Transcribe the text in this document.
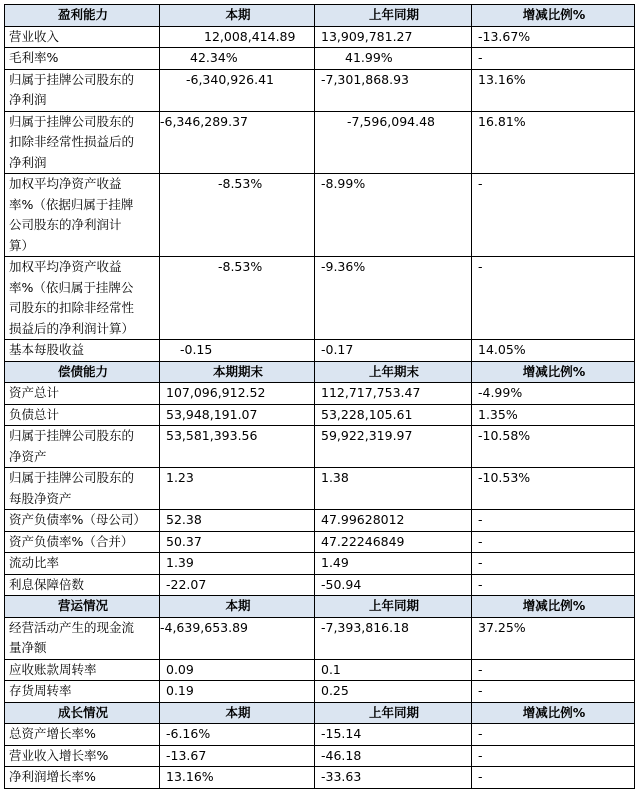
盈利能力	本期	上年同期	增减比例%

营业收入	12,008,414.89	13,909,781.27	-13.67%

毛利率%	42.34%	41.99%	-

归属于挂牌公司股东的
净利润	-6,340,926.41	-7,301,868.93	13.16%

归属于挂牌公司股东的
扣除非经常性损益后的
净利润	-6,346,289.37	-7,596,094.48	16.81%

加权平均净资产收益
率%（依据归属于挂牌
公司股东的净利润计
算）	-8.53%	-8.99%	-

加权平均净资产收益
率%（依归属于挂牌公
司股东的扣除非经常性
损益后的净利润计算）	-8.53%	-9.36%	-

基本每股收益	-0.15	-0.17	14.05%
偿债能力	本期期末	上年期末	增减比例%

资产总计	107,096,912.52	112,717,753.47	-4.99%

负债总计	53,948,191.07	53,228,105.61	1.35%

归属于挂牌公司股东的
净资产	53,581,393.56	59,922,319.97	-10.58%

归属于挂牌公司股东的
每股净资产	1.23	1.38	-10.53%

资产负债率%（母公司）	52.38	47.99628012	-

资产负债率%（合并）	50.37	47.22246849	-

流动比率	1.39	1.49	-

利息保障倍数	-22.07	-50.94	-
营运情况	本期	上年同期	增减比例%

经营活动产生的现金流
量净额	-4,639,653.89	-7,393,816.18	37.25%

应收账款周转率	0.09	0.1	-

存货周转率	0.19	0.25	-
成长情况	本期	上年同期	增减比例%

总资产增长率%	-6.16%	-15.14	-

营业收入增长率%	-13.67	-46.18	-

净利润增长率%	13.16%	-33.63	-
